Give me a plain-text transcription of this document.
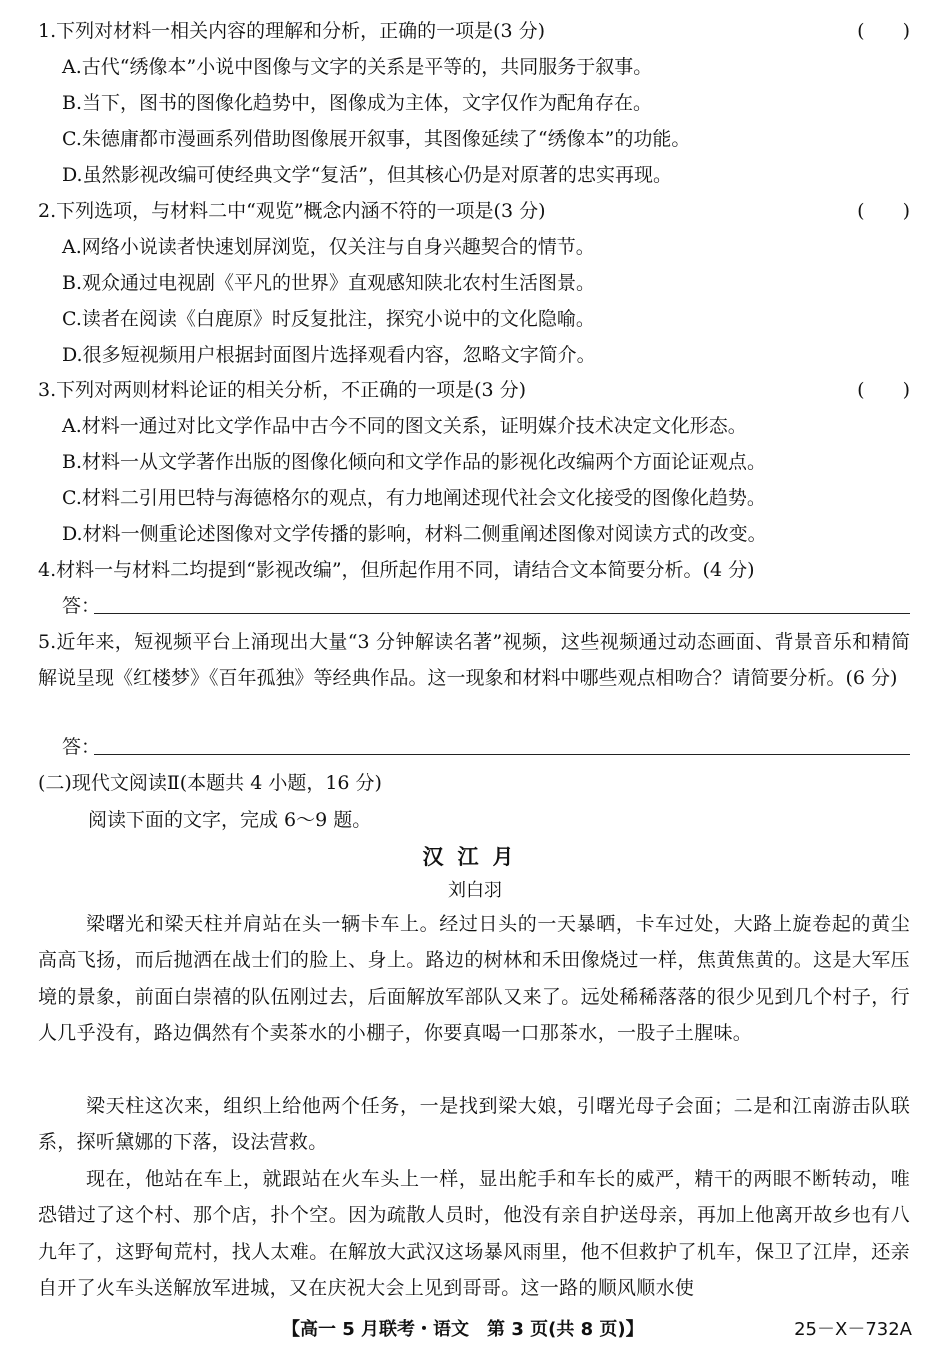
1.下列对材料一相关内容的理解和分析，正确的一项是(3 分)	(　　)
A.古代“绣像本”小说中图像与文字的关系是平等的，共同服务于叙事。
B.当下，图书的图像化趋势中，图像成为主体，文字仅作为配角存在。
C.朱德庸都市漫画系列借助图像展开叙事，其图像延续了“绣像本”的功能。
D.虽然影视改编可使经典文学“复活”，但其核心仍是对原著的忠实再现。
2.下列选项，与材料二中“观览”概念内涵不符的一项是(3 分)	(　　)
A.网络小说读者快速划屏浏览，仅关注与自身兴趣契合的情节。
B.观众通过电视剧《平凡的世界》直观感知陕北农村生活图景。
C.读者在阅读《白鹿原》时反复批注，探究小说中的文化隐喻。
D.很多短视频用户根据封面图片选择观看内容，忽略文字简介。
3.下列对两则材料论证的相关分析，不正确的一项是(3 分)	(　　)
A.材料一通过对比文学作品中古今不同的图文关系，证明媒介技术决定文化形态。
B.材料一从文学著作出版的图像化倾向和文学作品的影视化改编两个方面论证观点。
C.材料二引用巴特与海德格尔的观点，有力地阐述现代社会文化接受的图像化趋势。
D.材料一侧重论述图像对文学传播的影响，材料二侧重阐述图像对阅读方式的改变。
4.材料一与材料二均提到“影视改编”，但所起作用不同，请结合文本简要分析。(4 分)
答：
5.近年来，短视频平台上涌现出大量“3 分钟解读名著”视频，这些视频通过动态画面、背景音乐和精简解说呈现《红楼梦》《百年孤独》等经典作品。这一现象和材料中哪些观点相吻合？请简要分析。(6 分)
答：
(二)现代文阅读Ⅱ(本题共 4 小题，16 分)
阅读下面的文字，完成 6～9 题。
汉江月
刘白羽
梁曙光和梁天柱并肩站在头一辆卡车上。经过日头的一天暴晒，卡车过处，大路上旋卷起的黄尘高高飞扬，而后抛洒在战士们的脸上、身上。路边的树林和禾田像烧过一样，焦黄焦黄的。这是大军压境的景象，前面白崇禧的队伍刚过去，后面解放军部队又来了。远处稀稀落落的很少见到几个村子，行人几乎没有，路边偶然有个卖茶水的小棚子，你要真喝一口那茶水，一股子土腥味。
梁天柱这次来，组织上给他两个任务，一是找到梁大娘，引曙光母子会面；二是和江南游击队联系，探听黛娜的下落，设法营救。
现在，他站在车上，就跟站在火车头上一样，显出舵手和车长的威严，精干的两眼不断转动，唯恐错过了这个村、那个店，扑个空。因为疏散人员时，他没有亲自护送母亲，再加上他离开故乡也有八九年了，这野甸荒村，找人太难。在解放大武汉这场暴风雨里，他不但救护了机车，保卫了江岸，还亲自开了火车头送解放军进城，又在庆祝大会上见到哥哥。这一路的顺风顺水使
【高一 5 月联考・语文　第 3 页(共 8 页)】	25－X－732A
